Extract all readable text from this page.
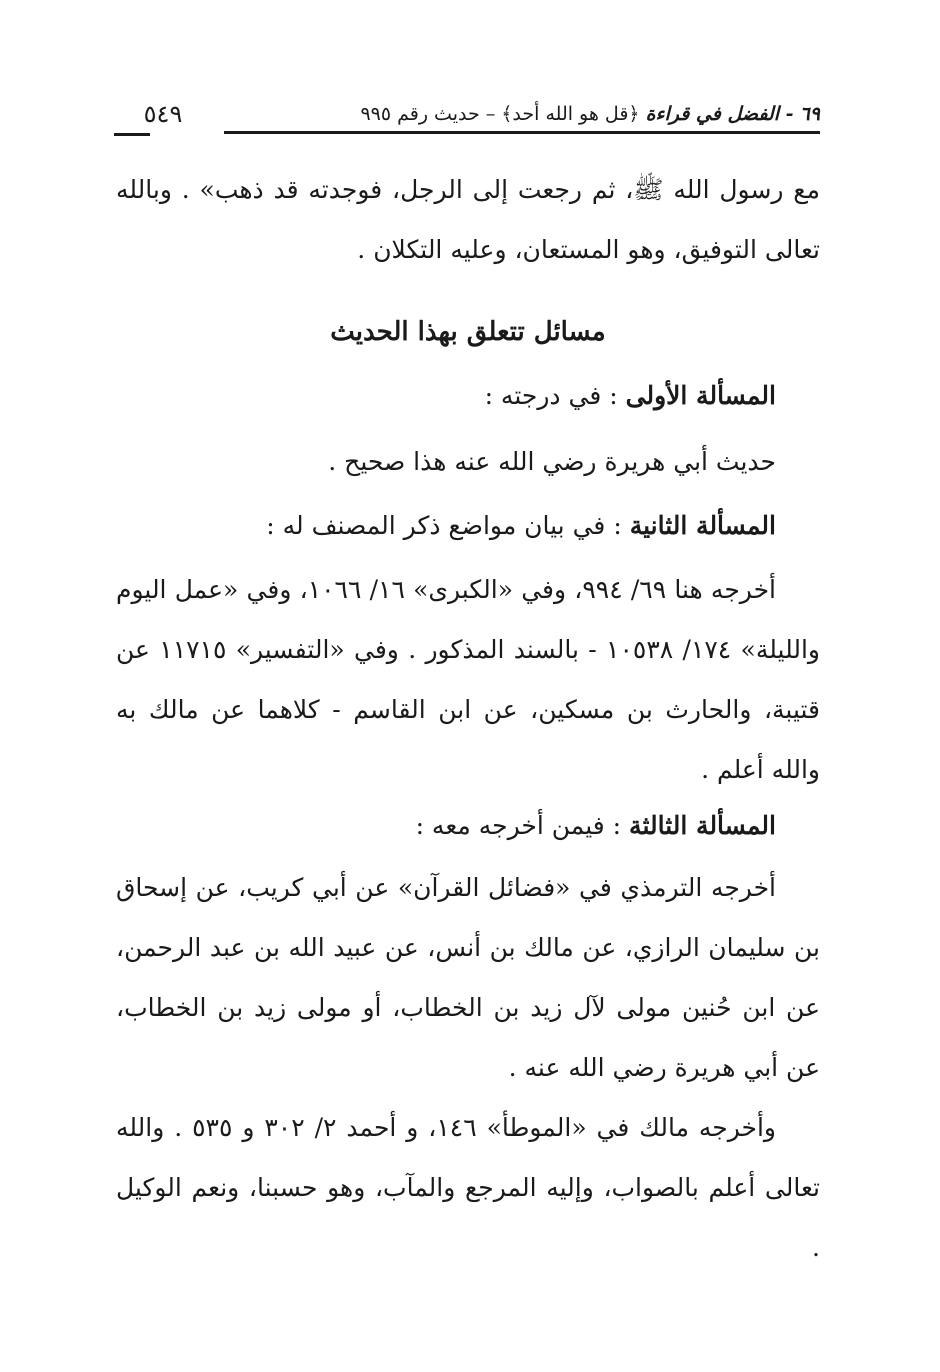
٥٤٩	٦٩ - الفضل في قراءة ﴿قل هو الله أحد﴾ – حديث رقم ٩٩٥

مع رسول الله ﷺ، ثم رجعت إلى الرجل، فوجدته قد ذهب» . وبالله تعالى التوفيق، وهو المستعان، وعليه التكلان .

مسائل تتعلق بهذا الحديث

المسألة الأولى : في درجته :

حديث أبي هريرة رضي الله عنه هذا صحيح .

المسألة الثانية : في بيان مواضع ذكر المصنف له :

أخرجه هنا ٦٩/ ٩٩٤، وفي «الكبرى» ١٦/ ١٠٦٦، وفي «عمل اليوم والليلة» ١٧٤/ ١٠٥٣٨ - بالسند المذكور . وفي «التفسير» ١١٧١٥ عن قتيبة، والحارث بن مسكين، عن ابن القاسم - كلاهما عن مالك به والله أعلم .

المسألة الثالثة : فيمن أخرجه معه :

أخرجه الترمذي في «فضائل القرآن» عن أبي كريب، عن إسحاق بن سليمان الرازي، عن مالك بن أنس، عن عبيد الله بن عبد الرحمن، عن ابن حُنين مولى لآل زيد بن الخطاب، أو مولى زيد بن الخطاب، عن أبي هريرة رضي الله عنه .

وأخرجه مالك في «الموطأ» ١٤٦، و أحمد ٢/ ٣٠٢ و ٥٣٥ . والله تعالى أعلم بالصواب، وإليه المرجع والمآب، وهو حسبنا، ونعم الوكيل .
